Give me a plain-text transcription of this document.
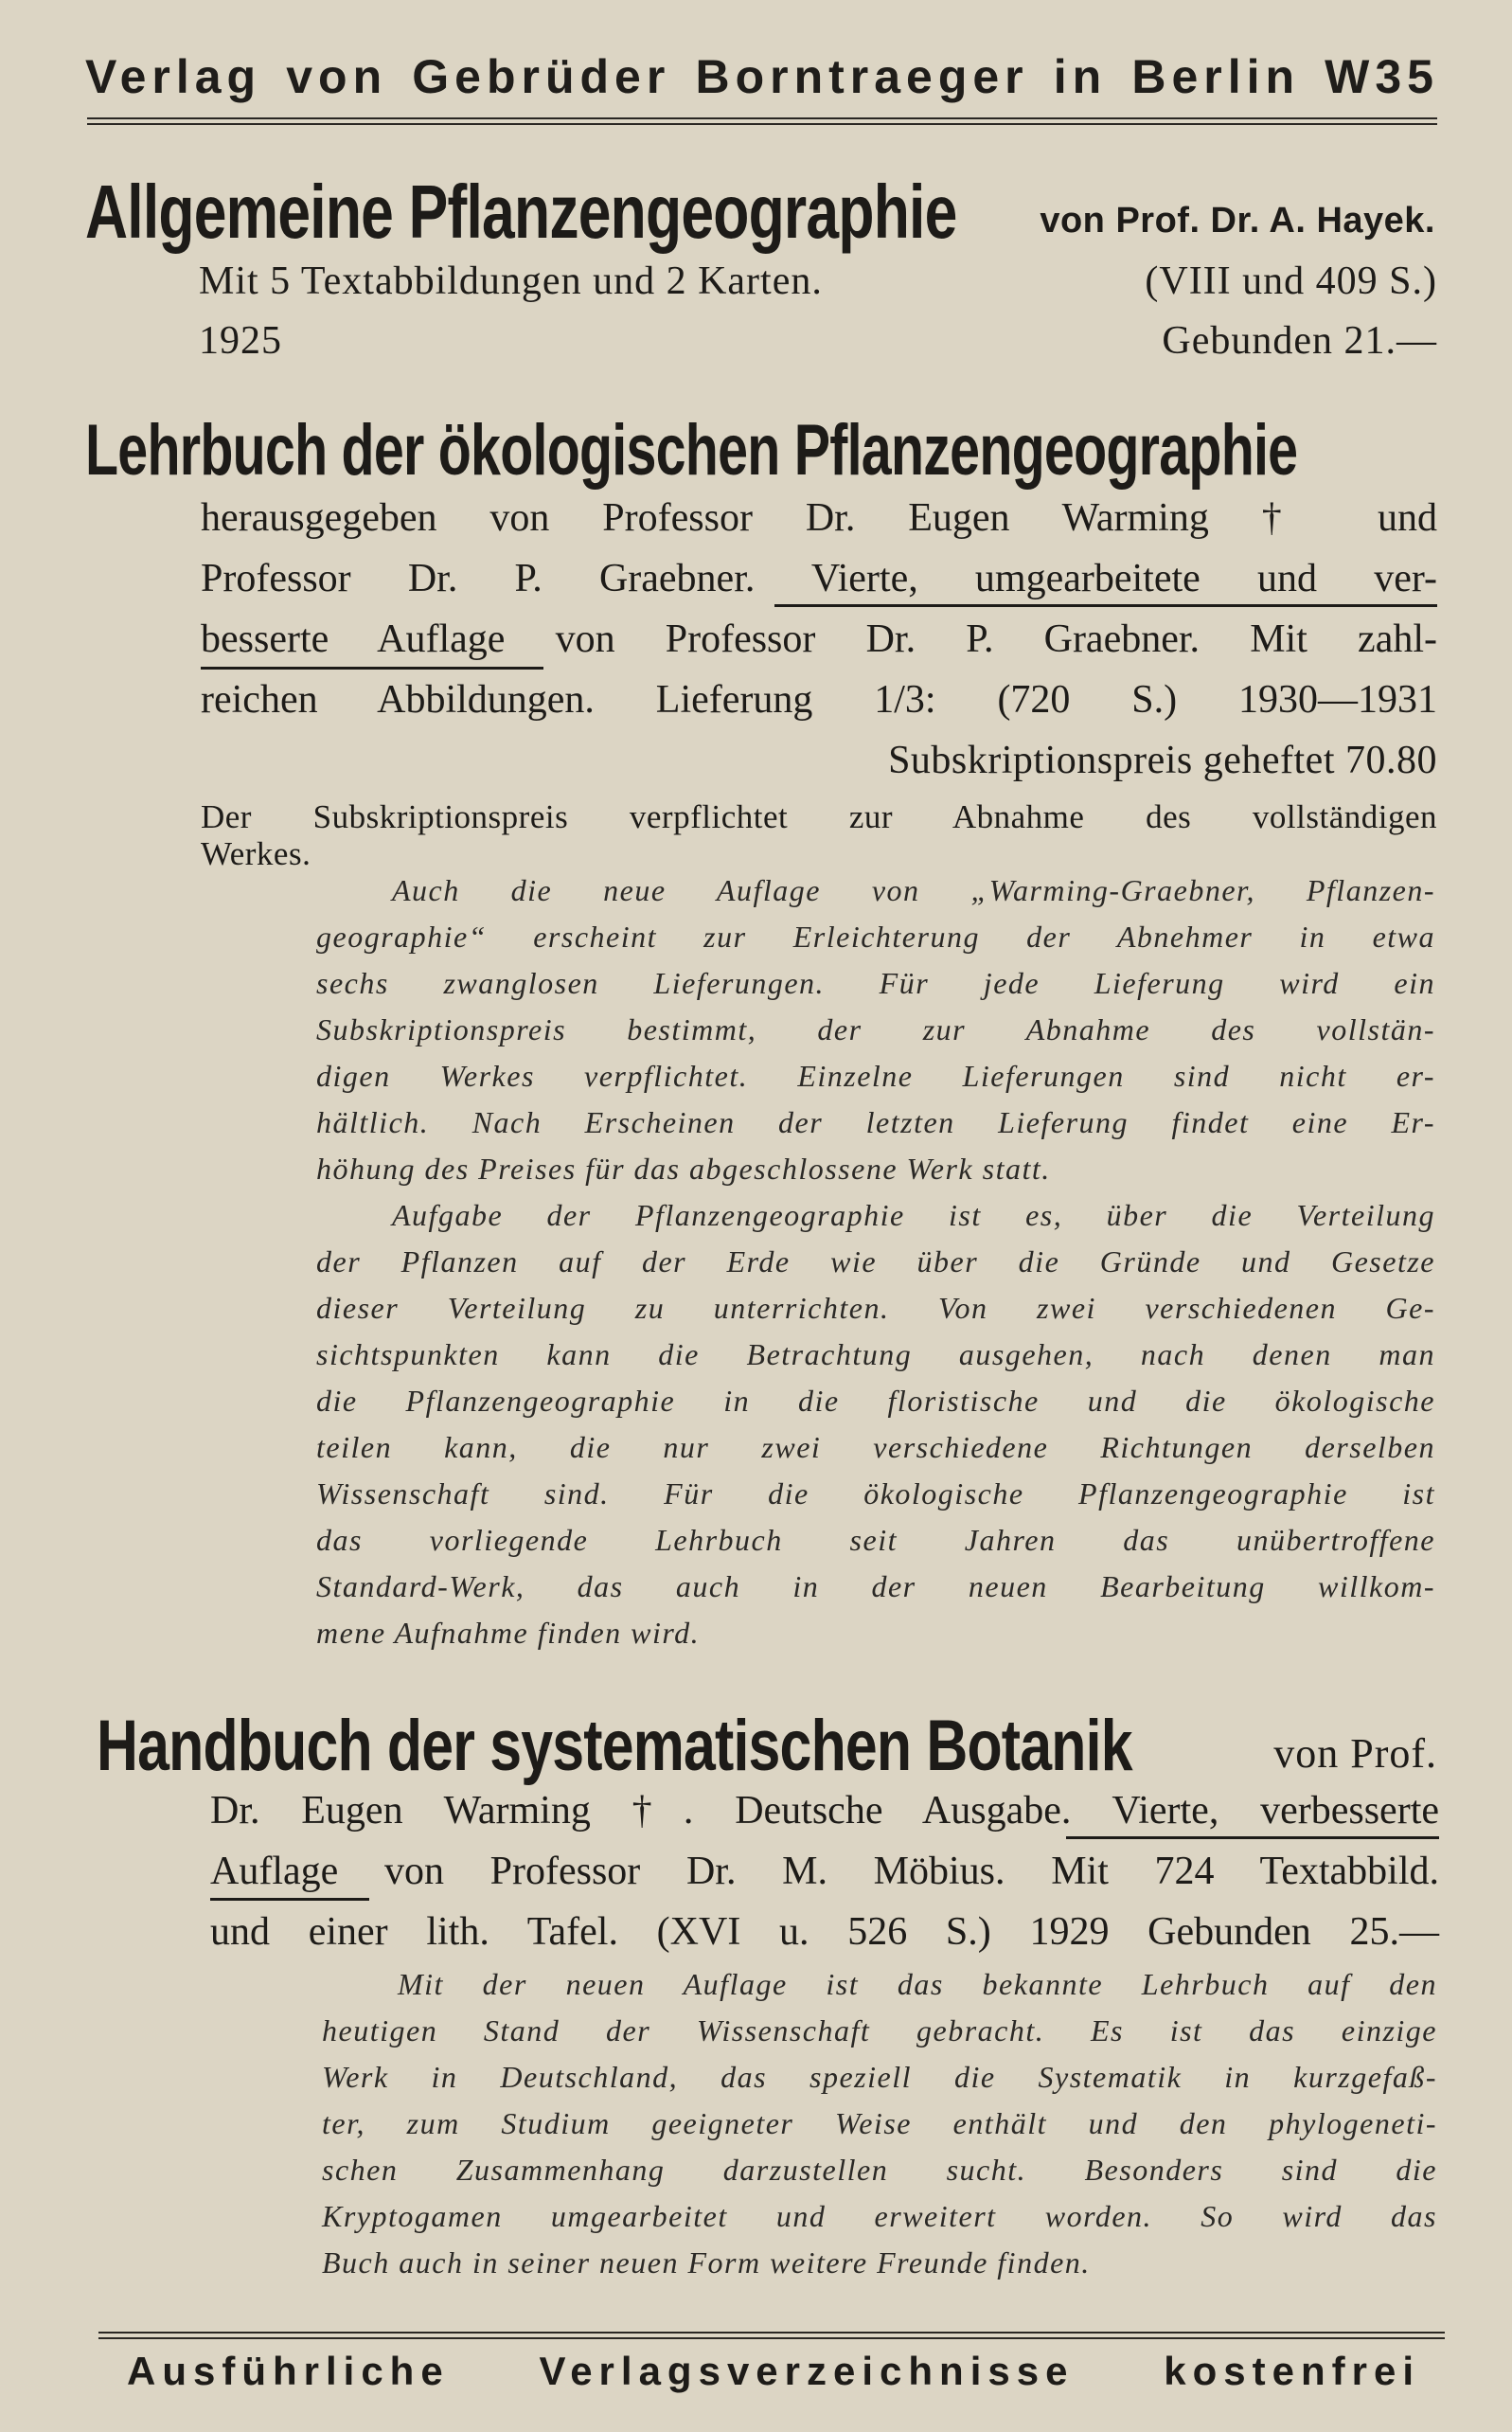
Verlag von Gebrüder Borntraeger in Berlin W35
Allgemeine Pflanzengeographie von Prof. Dr. A. Hayek.
Mit 5 Textabbildungen und 2 Karten.	(VIII und 409 S.)
1925	Gebunden 21.—
Lehrbuch der ökologischen Pflanzengeographie
herausgegeben von Professor Dr. Eugen Warming † und
Professor Dr. P. Graebner. Vierte, umgearbeitete und ver-
besserte Auflage von Professor Dr. P. Graebner. Mit zahl-
reichen Abbildungen. Lieferung 1/3: (720 S.) 1930—1931
Subskriptionspreis geheftet 70.80
Der Subskriptionspreis verpflichtet zur Abnahme des vollständigen
Werkes.
Auch die neue Auflage von „Warming-Graebner, Pflanzen-
geographie“ erscheint zur Erleichterung der Abnehmer in etwa
sechs zwanglosen Lieferungen. Für jede Lieferung wird ein
Subskriptionspreis bestimmt, der zur Abnahme des vollstän-
digen Werkes verpflichtet. Einzelne Lieferungen sind nicht er-
hältlich. Nach Erscheinen der letzten Lieferung findet eine Er-
höhung des Preises für das abgeschlossene Werk statt.
Aufgabe der Pflanzengeographie ist es, über die Verteilung
der Pflanzen auf der Erde wie über die Gründe und Gesetze
dieser Verteilung zu unterrichten. Von zwei verschiedenen Ge-
sichtspunkten kann die Betrachtung ausgehen, nach denen man
die Pflanzengeographie in die floristische und die ökologische
teilen kann, die nur zwei verschiedene Richtungen derselben
Wissenschaft sind. Für die ökologische Pflanzengeographie ist
das vorliegende Lehrbuch seit Jahren das unübertroffene
Standard-Werk, das auch in der neuen Bearbeitung willkom-
mene Aufnahme finden wird.
Handbuch der systematischen Botanik	von Prof.
Dr. Eugen Warming †. Deutsche Ausgabe. Vierte, verbesserte
Auflage von Professor Dr. M. Möbius. Mit 724 Textabbild.
und einer lith. Tafel. (XVI u. 526 S.) 1929 Gebunden 25.—
Mit der neuen Auflage ist das bekannte Lehrbuch auf den
heutigen Stand der Wissenschaft gebracht. Es ist das einzige
Werk in Deutschland, das speziell die Systematik in kurzgefaß-
ter, zum Studium geeigneter Weise enthält und den phylogeneti-
schen Zusammenhang darzustellen sucht. Besonders sind die
Kryptogamen umgearbeitet und erweitert worden. So wird das
Buch auch in seiner neuen Form weitere Freunde finden.
Ausführliche Verlagsverzeichnisse kostenfrei
